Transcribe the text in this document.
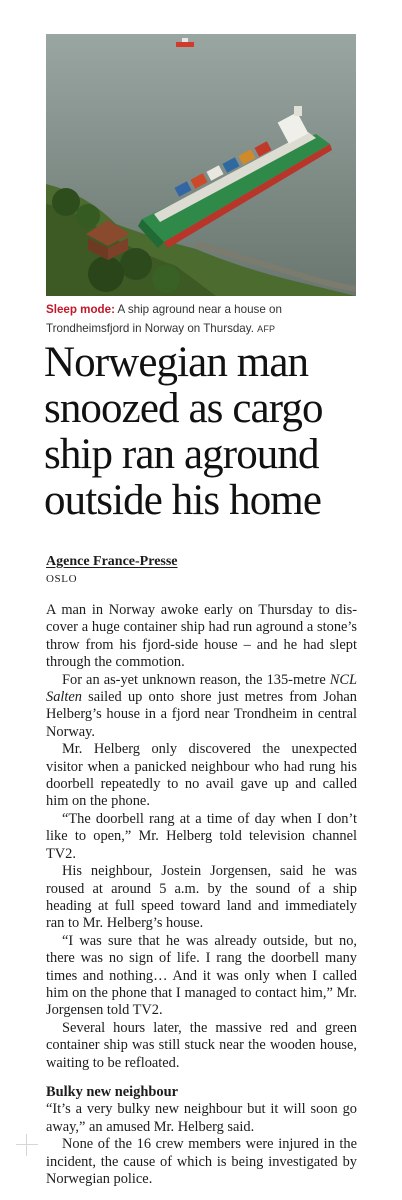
Sleep mode: A ship aground near a house on Trondheimsfjord in Norway on Thursday. AFP
Norwegian man snoozed as cargo ship ran aground outside his home
Agence France-Presse
OSLO

A man in Norway awoke early on Thursday to discover a huge container ship had run aground a stone’s throw from his fjord-side house – and he had slept through the commotion.

For an as-yet unknown reason, the 135-metre NCL Salten sailed up onto shore just metres from Johan Helberg’s house in a fjord near Trondheim in central Norway.

Mr. Helberg only discovered the unexpected visitor when a panicked neighbour who had rung his doorbell repeatedly to no avail gave up and called him on the phone.

“The doorbell rang at a time of day when I don’t like to open,” Mr. Helberg told television channel TV2.

His neighbour, Jostein Jorgensen, said he was roused at around 5 a.m. by the sound of a ship heading at full speed toward land and immediately ran to Mr. Helberg’s house.

“I was sure that he was already outside, but no, there was no sign of life. I rang the doorbell many times and nothing… And it was only when I called him on the phone that I managed to contact him,” Mr. Jorgensen told TV2.

Several hours later, the massive red and green container ship was still stuck near the wooden house, waiting to be refloated.

Bulky new neighbour

“It’s a very bulky new neighbour but it will soon go away,” an amused Mr. Helberg said.

None of the 16 crew members were injured in the incident, the cause of which is being investigated by Norwegian police.
